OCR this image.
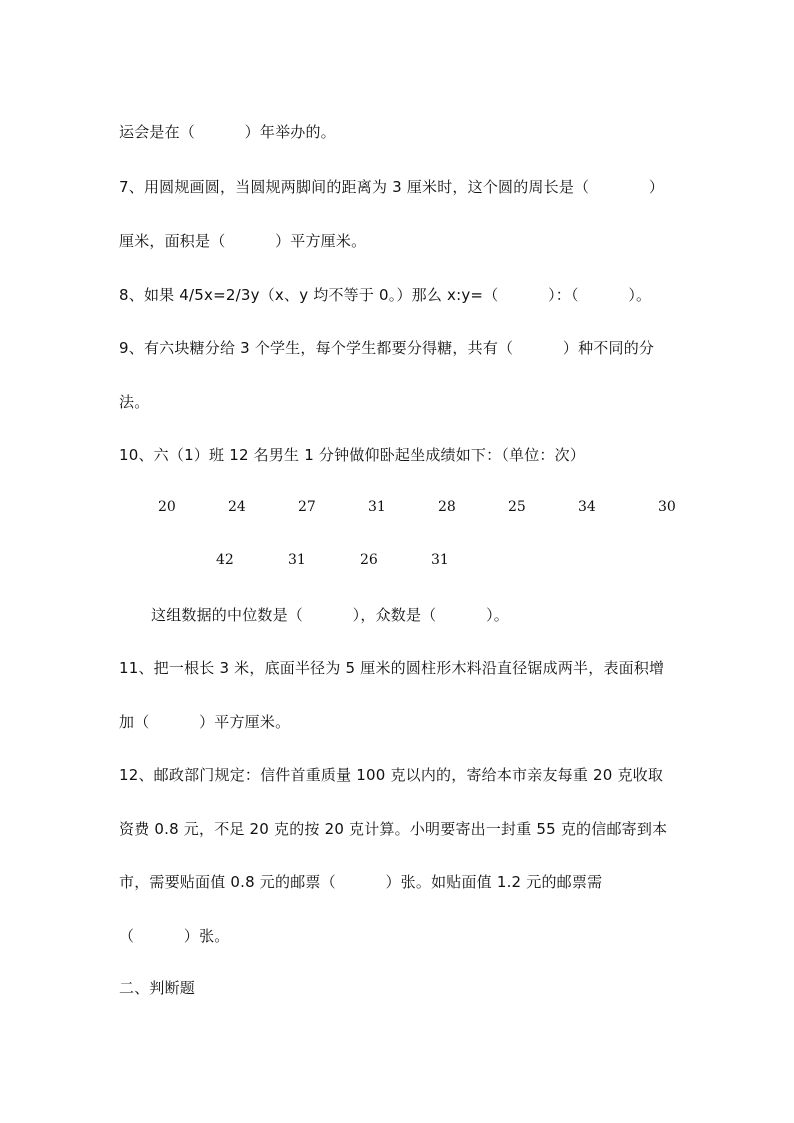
运会是在（          ）年举办的。
7、用圆规画圆，当圆规两脚间的距离为 3 厘米时，这个圆的周长是（            ）
厘米，面积是（          ）平方厘米。
8、如果 4/5x=2/3y（x、y 均不等于 0。）那么 x:y=（          ）：（          ）。
9、有六块糖分给 3 个学生，每个学生都要分得糖，共有（          ）种不同的分
法。
10、六（1）班 12 名男生 1 分钟做仰卧起坐成绩如下：（单位：次）
20	24	27	31	28	25	34	30
42	31	26	31
这组数据的中位数是（          ），众数是（          ）。
11、把一根长 3 米，底面半径为 5 厘米的圆柱形木料沿直径锯成两半，表面积增
加（          ）平方厘米。
12、邮政部门规定：信件首重质量 100 克以内的，寄给本市亲友每重 20 克收取
资费 0.8 元，不足 20 克的按 20 克计算。小明要寄出一封重 55 克的信邮寄到本
市，需要贴面值 0.8 元的邮票（          ）张。如贴面值 1.2 元的邮票需
（          ）张。
二、判断题
